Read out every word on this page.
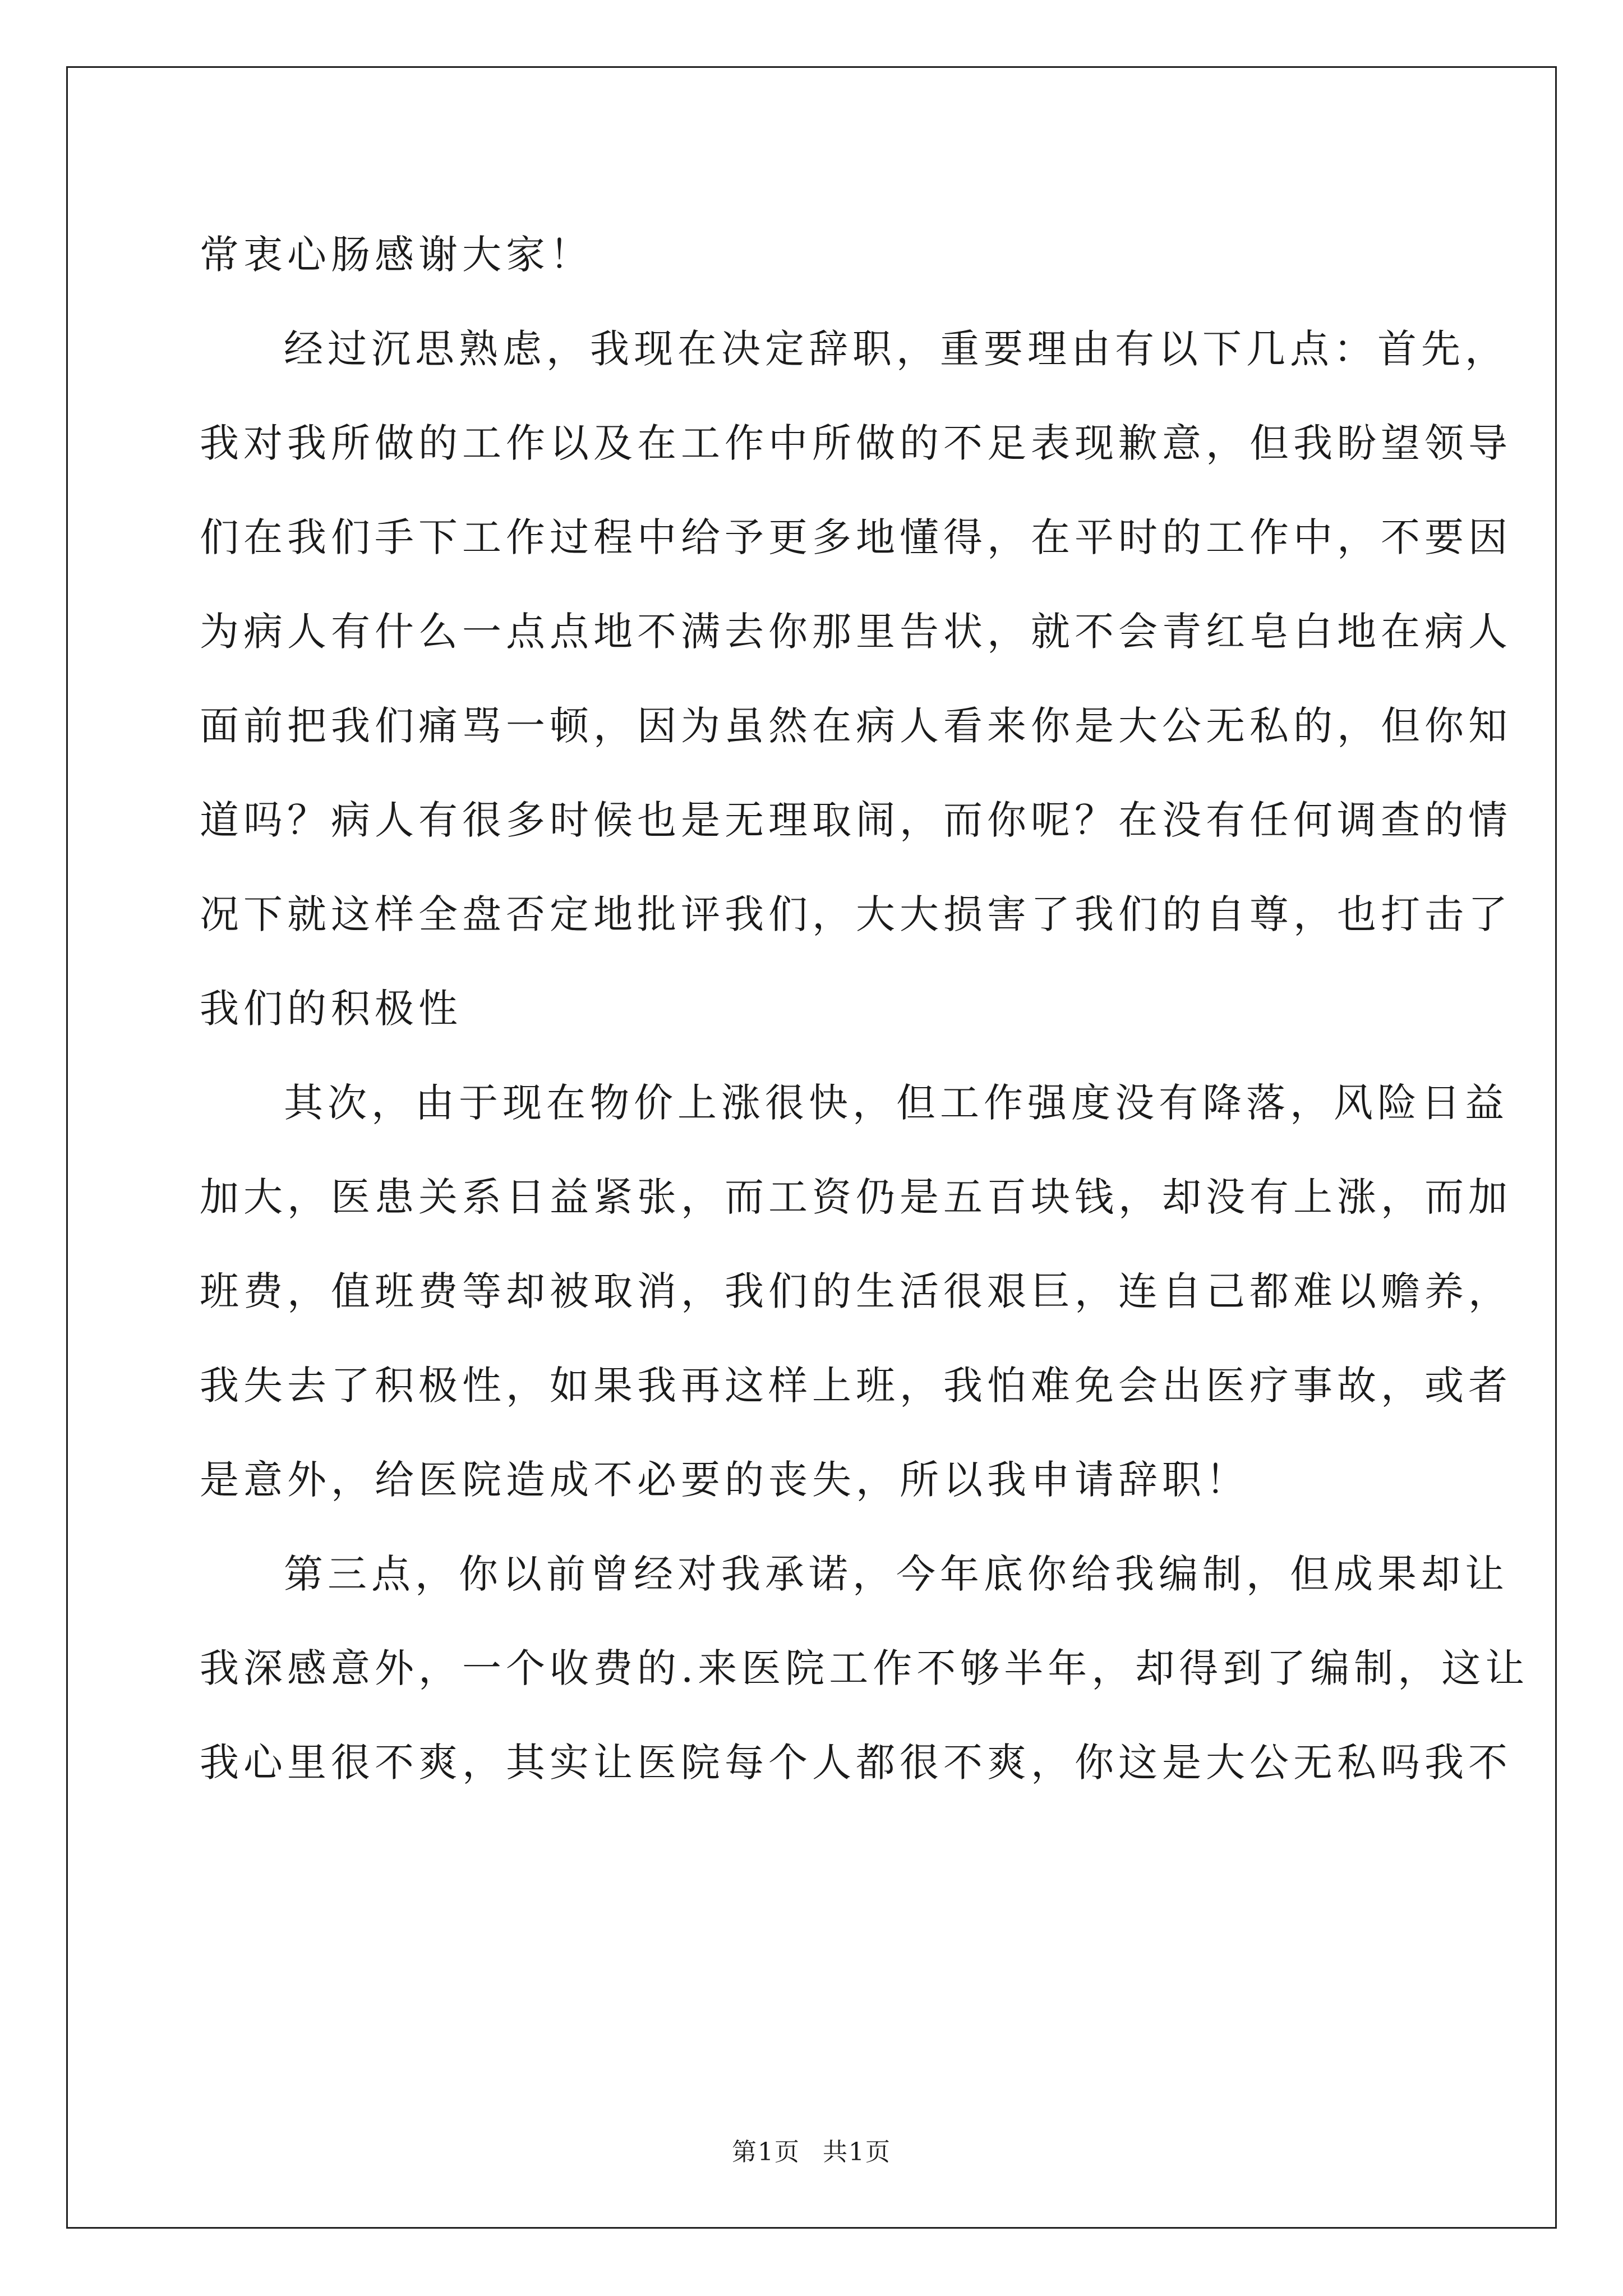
常衷心肠感谢大家！
经过沉思熟虑，我现在决定辞职，重要理由有以下几点：首先，
我对我所做的工作以及在工作中所做的不足表现歉意，但我盼望领导
们在我们手下工作过程中给予更多地懂得，在平时的工作中，不要因
为病人有什么一点点地不满去你那里告状，就不会青红皂白地在病人
面前把我们痛骂一顿，因为虽然在病人看来你是大公无私的，但你知
道吗？病人有很多时候也是无理取闹，而你呢？在没有任何调查的情
况下就这样全盘否定地批评我们，大大损害了我们的自尊，也打击了
我们的积极性
其次，由于现在物价上涨很快，但工作强度没有降落，风险日益
加大，医患关系日益紧张，而工资仍是五百块钱，却没有上涨，而加
班费，值班费等却被取消，我们的生活很艰巨，连自己都难以赡养，
我失去了积极性，如果我再这样上班，我怕难免会出医疗事故，或者
是意外，给医院造成不必要的丧失，所以我申请辞职！
第三点，你以前曾经对我承诺，今年底你给我编制，但成果却让
我深感意外，一个收费的.来医院工作不够半年，却得到了编制，这让
我心里很不爽，其实让医院每个人都很不爽，你这是大公无私吗我不
第1页 共1页
